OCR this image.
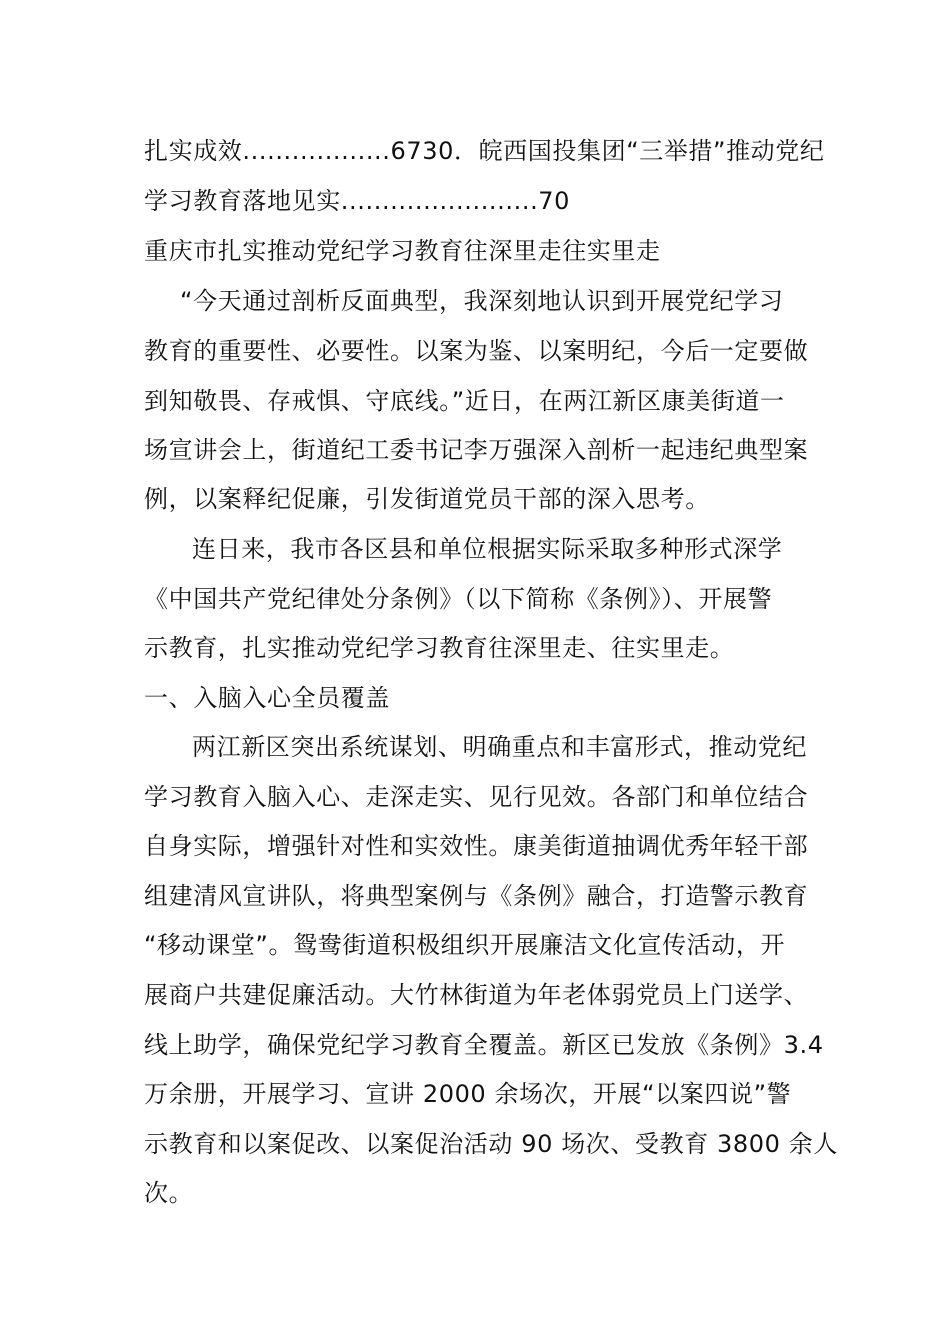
扎实成效..................6730．皖西国投集团“三举措”推动党纪
学习教育落地见实........................70
重庆市扎实推动党纪学习教育往深里走往实里走
“今天通过剖析反面典型，我深刻地认识到开展党纪学习
教育的重要性、必要性。以案为鉴、以案明纪，今后一定要做
到知敬畏、存戒惧、守底线。”近日，在两江新区康美街道一
场宣讲会上，街道纪工委书记李万强深入剖析一起违纪典型案
例，以案释纪促廉，引发街道党员干部的深入思考。
连日来，我市各区县和单位根据实际采取多种形式深学
《中国共产党纪律处分条例》（以下简称《条例》）、开展警
示教育，扎实推动党纪学习教育往深里走、往实里走。
一、入脑入心全员覆盖
两江新区突出系统谋划、明确重点和丰富形式，推动党纪
学习教育入脑入心、走深走实、见行见效。各部门和单位结合
自身实际，增强针对性和实效性。康美街道抽调优秀年轻干部
组建清风宣讲队，将典型案例与《条例》融合，打造警示教育
“移动课堂”。鸳鸯街道积极组织开展廉洁文化宣传活动，开
展商户共建促廉活动。大竹林街道为年老体弱党员上门送学、
线上助学，确保党纪学习教育全覆盖。新区已发放《条例》3.4
万余册，开展学习、宣讲 2000 余场次，开展“以案四说”警
示教育和以案促改、以案促治活动 90 场次、受教育 3800 余人
次。
